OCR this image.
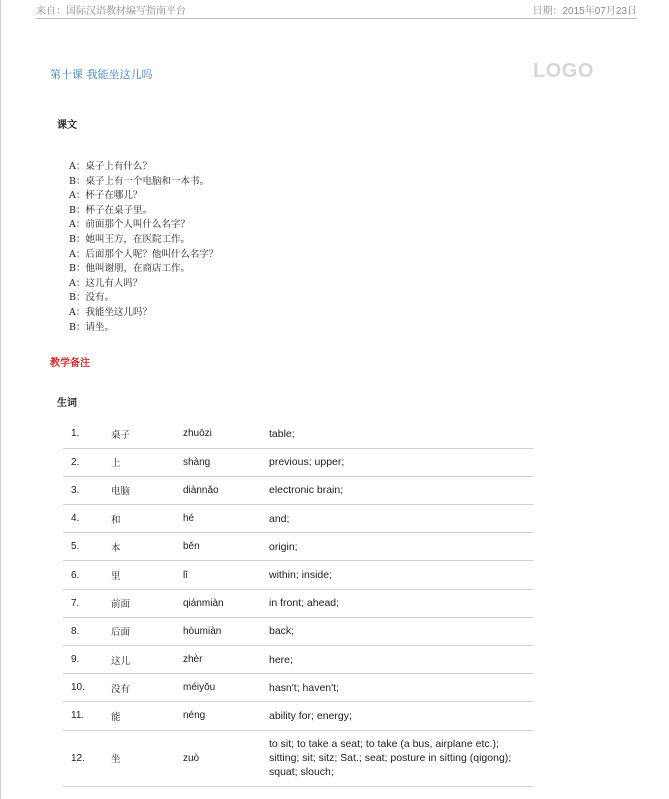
来自：国际汉语教材编写指南平台	日期：2015年07月23日
第十课 我能坐这儿吗	LOGO
课文
A：桌子上有什么？
B：桌子上有一个电脑和一本书。
A：杯子在哪儿？
B：杯子在桌子里。
A：前面那个人叫什么名字？
B：她叫王方，在医院工作。
A：后面那个人呢？他叫什么名字？
B：他叫谢朋，在商店工作。
A：这儿有人吗？
B：没有。
A：我能坐这儿吗？
B：请坐。
教学备注
生词
1.	桌子	zhuōzi	table;
2.	上	shàng	previous; upper;
3.	电脑	diànnǎo	electronic brain;
4.	和	hé	and;
5.	本	běn	origin;
6.	里	lǐ	within; inside;
7.	前面	qiánmiàn	in front; ahead;
8.	后面	hòumiàn	back;
9.	这儿	zhèr	here;
10.	没有	méiyǒu	hasn't; haven't;
11.	能	néng	ability for; energy;
12.	坐	zuò	to sit; to take a seat; to take (a bus, airplane etc.); sitting; sit; sitz; Sat.; seat; posture in sitting (qigong); squat; slouch;
